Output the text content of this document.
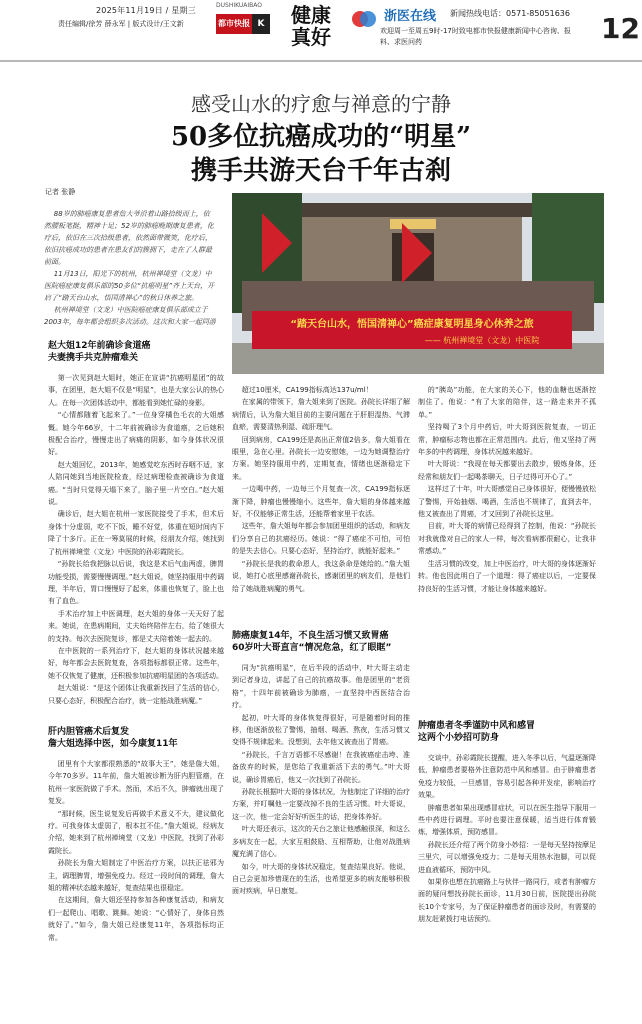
2025年11月19日 / 星期三
责任编辑/徐芳 薛永军 | 版式设计/王文新
DUSHIKUAIBAO
都市快报 K 健康真好
浙医在线 新闻热线电话：0571-85051636
欢迎周一至周五9时-17时致电都市快报健康新闻中心咨询、报料、求医问药	12
感受山水的疗愈与禅意的宁静
50多位抗癌成功的“明星”
携手共游天台千年古刹
记者 张静

88岁的肺癌康复患者詹大爷沿着山路拾级而上，依然腰板笔挺，精神十足；52岁的肺癌晚期康复患者，化疗后，依旧在三次拾级患者，依然面带微笑，化疗后，依旧抗癌成功的患者在患友们的簇拥下，走在了人群最前面。

11月13日，阳光下的杭州，杭州禅境堂（文龙）中医院癌症康复俱乐部的50多位“抗癌明星”齐上天台，开启了“踏天台山水，悟国清禅心”的秋日休养之旅。

杭州禅境堂（文龙）中医院癌症康复俱乐部成立于2003年，每年都会组织多次活动。这次和大家一起同游	“踏天台山水，悟国清禅心”癌症康复明星身心休养之旅
—— 杭州禅境堂（文龙）中医院
赵大姐12年前确诊食道癌
夫妻携手共克肿瘤难关

第一次见到赵大姐时，她正在宣讲“抗癌明星团”的故事，在团里，赵大姐不仅是“明星”，也是大家公认的热心人。在每一次团体活动中，都能看到她忙碌的身影。

“心情都随着飞起来了。”一位身穿橘色毛衣的大姐感慨。她今年66岁，十二年前被确诊为食道癌，之后她积极配合治疗，慢慢走出了病痛的阴影，如今身体状况很好。

赵大姐回忆，2013年，她感觉吃东西时吞咽不适，家人陪同她到当地医院检查，经过病理检查被确诊为食道癌。“当时只觉得天塌下来了，脑子里一片空白。”赵大姐说。

确诊后，赵大姐在杭州一家医院接受了手术，但术后身体十分虚弱，吃不下饭，睡不好觉，体重在短时间内下降了十多斤。正在一筹莫展的时候，经朋友介绍，她找到了杭州禅境堂（文龙）中医院的孙彩霞院长。

“孙院长给我把脉以后说，我这是术后气血两虚，脾胃功能受损，需要慢慢调理。”赵大姐说，她坚持服用中药调理，半年后，胃口慢慢好了起来，体重也恢复了，脸上也有了血色。

手术治疗加上中医调理，赵大姐的身体一天天好了起来。她说，在患病期间，丈夫始终陪伴左右，给了她很大的支持。每次去医院复诊，都是丈夫陪着她一起去的。

在中医院的一系列治疗下，赵大姐的身体状况越来越好，每年都会去医院复查，各项指标都很正常。这些年，她不仅恢复了健康，还积极参加抗癌明星团的各项活动。

赵大姐说：“是这个团体让我重新找回了生活的信心，只要心态好，积极配合治疗，就一定能战胜病魔。”

肝内胆管癌术后复发
詹大姐选择中医，如今康复11年

团里有个大家都很熟悉的“故事大王”，她是詹大姐，今年70多岁。11年前，詹大姐被诊断为肝内胆管癌，在杭州一家医院做了手术。然而，术后不久，肿瘤就出现了复发。

“那时候，医生说复发后再做手术意义不大，建议做化疗。可我身体太虚弱了，根本扛不住。”詹大姐说，经病友介绍，她来到了杭州禅境堂（文龙）中医院，找到了孙彩霞院长。

孙院长为詹大姐制定了中医治疗方案，以扶正祛邪为主，调理脾胃，增强免疫力。经过一段时间的调理，詹大姐的精神状态越来越好，复查结果也很稳定。

在这期间，詹大姐还坚持参加各种康复活动，和病友们一起爬山、唱歌、跳舞。她说：“心情好了，身体自然就好了。”如今，詹大姐已经康复11年，各项指标均正常。

超过10厘米，CA199指标高达137u/ml！

在家属的带领下，詹大姐来到了医院。孙院长详细了解病情后，认为詹大姐目前的主要问题在于肝胆湿热、气滞血瘀，需要清热利湿、疏肝理气。

回到病房，CA199还是高出正常值2倍多，詹大姐看在眼里，急在心里。孙院长一边安慰她，一边为她调整治疗方案。她坚持服用中药，定期复查，情绪也逐渐稳定下来。

一边喝中药，一边每三个月复查一次，CA199指标逐渐下降，肿瘤也慢慢缩小。这些年，詹大姐的身体越来越好，不仅能够正常生活，还能帮着家里干农活。

这些年，詹大姐每年都会参加团里组织的活动，和病友们分享自己的抗癌经历。她说：“得了癌症不可怕，可怕的是失去信心。只要心态好，坚持治疗，就能好起来。”

“孙院长是我的救命恩人，我这条命是她给的。”詹大姐说，她打心底里感谢孙院长，感谢团里的病友们，是他们给了她战胜病魔的勇气。

肺癌康复14年，不良生活习惯又致胃癌
60岁叶大哥直言“情况危急，红了眼眶”

同为“抗癌明星”，在后半段的活动中，叶大哥主动走到记者身边，讲起了自己的抗癌故事。他是团里的“老资格”，十四年前被确诊为肺癌，一直坚持中西医结合治疗。

起初，叶大哥的身体恢复得很好，可是随着时间的推移，他逐渐放松了警惕，抽烟、喝酒、熬夜，生活习惯又变得不规律起来。没想到，去年他又被查出了胃癌。

“孙院长，千言万语都不尽感谢！在我被癌症击垮、准备放弃的时候，是您给了我重新活下去的勇气。”叶大哥说，确诊胃癌后，他又一次找到了孙院长。

孙院长根据叶大哥的身体状况，为他制定了详细的治疗方案，并叮嘱他一定要改掉不良的生活习惯。叶大哥说，这一次，他一定会好好听医生的话，把身体养好。

叶大哥还表示，这次的天台之旅让他感触很深，和这么多病友在一起，大家互相鼓励、互相帮助，让他对战胜病魔充满了信心。

如今，叶大哥的身体状况稳定，复查结果良好。他说，自己会更加珍惜现在的生活，也希望更多的病友能够积极面对疾病，早日康复。

的“胰岛”功能，在大家的关心下，他的血糖也逐渐控制住了。他说：“有了大家的陪伴，这一路走来并不孤单。”

坚持喝了3个月中药后，叶大哥到医院复查，一切正常，肿瘤标志物也都在正常范围内。此后，他又坚持了两年多的中药调理，身体状况越来越好。

叶大哥说：“我现在每天都要出去散步，锻炼身体，还经常和朋友们一起喝茶聊天，日子过得可开心了。”

这样过了十年，叶大哥感觉自己身体很好，便慢慢放松了警惕，开始抽烟、喝酒，生活也不规律了，直到去年，他又被查出了胃癌，才又回到了孙院长这里。

目前，叶大哥的病情已经得到了控制，他说：“孙院长对我就像对自己的家人一样，每次看病都很耐心，让我非常感动。”

生活习惯的改变，加上中医治疗，叶大哥的身体逐渐好转。他也因此明白了一个道理：得了癌症以后，一定要保持良好的生活习惯，才能让身体越来越好。

肿瘤患者冬季谨防中风和感冒
这两个小妙招可防身

交谈中，孙彩霞院长提醒，进入冬季以后，气温逐渐降低，肿瘤患者要格外注意防范中风和感冒。由于肿瘤患者免疫力较低，一旦感冒，容易引起各种并发症，影响治疗效果。

肿瘤患者如果出现感冒症状，可以在医生指导下服用一些中药进行调理。平时也要注意保暖，适当进行体育锻炼，增强体质，预防感冒。

孙院长还介绍了两个防身小妙招：一是每天坚持按摩足三里穴，可以增强免疫力；二是每天用热水泡脚，可以促进血液循环，预防中风。

如果你也想在抗癌路上与伙伴一路同行，或者有肿瘤方面的疑问想找孙院长面诊，11月30日前，医院提出孙院长10个专家号，为了保证肿瘤患者的面诊及时，有需要的朋友赶紧拨打电话预约。
